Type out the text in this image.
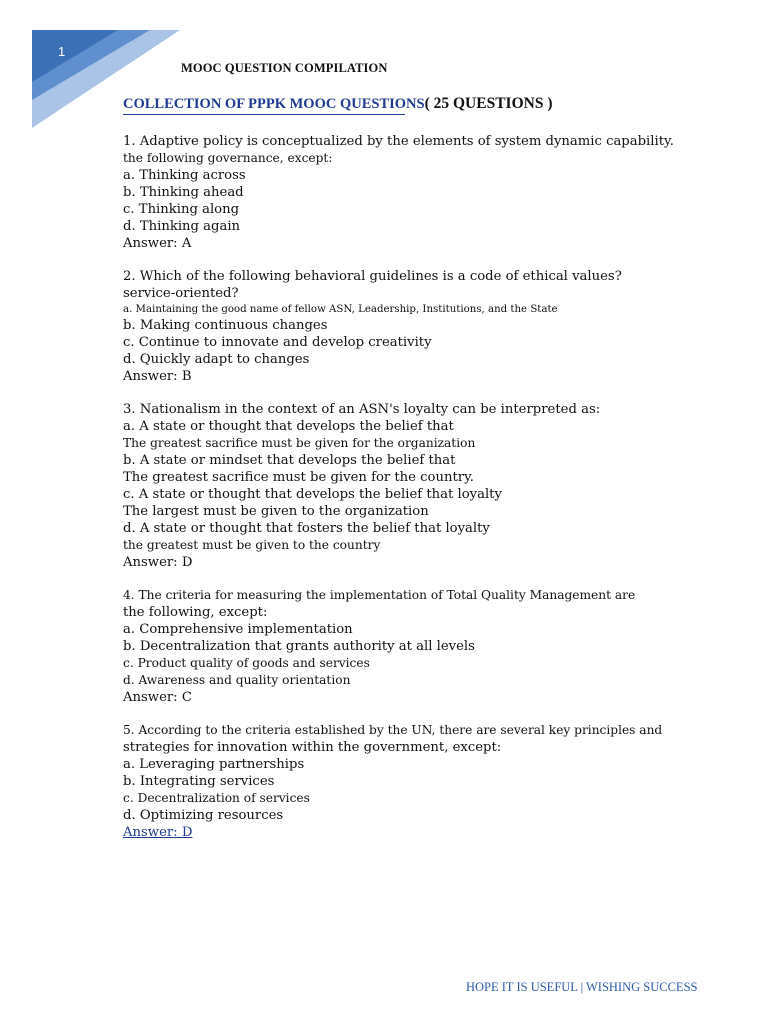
1
MOOC QUESTION COMPILATION
COLLECTION OF PPPK MOOC QUESTIONS( 25 QUESTIONS )
1. Adaptive policy is conceptualized by the elements of system dynamic capability.
the following governance, except:
a. Thinking across
b. Thinking ahead
c. Thinking along
d. Thinking again
Answer: A
2. Which of the following behavioral guidelines is a code of ethical values?
service-oriented?
a. Maintaining the good name of fellow ASN, Leadership, Institutions, and the State
b. Making continuous changes
c. Continue to innovate and develop creativity
d. Quickly adapt to changes
Answer: B
3. Nationalism in the context of an ASN's loyalty can be interpreted as:
a. A state or thought that develops the belief that
The greatest sacrifice must be given for the organization
b. A state or mindset that develops the belief that
The greatest sacrifice must be given for the country.
c. A state or thought that develops the belief that loyalty
The largest must be given to the organization
d. A state or thought that fosters the belief that loyalty
the greatest must be given to the country
Answer: D
4. The criteria for measuring the implementation of Total Quality Management are
the following, except:
a. Comprehensive implementation
b. Decentralization that grants authority at all levels
c. Product quality of goods and services
d. Awareness and quality orientation
Answer: C
5. According to the criteria established by the UN, there are several key principles and
strategies for innovation within the government, except:
a. Leveraging partnerships
b. Integrating services
c. Decentralization of services
d. Optimizing resources
Answer: D
HOPE IT IS USEFUL | WISHING SUCCESS
